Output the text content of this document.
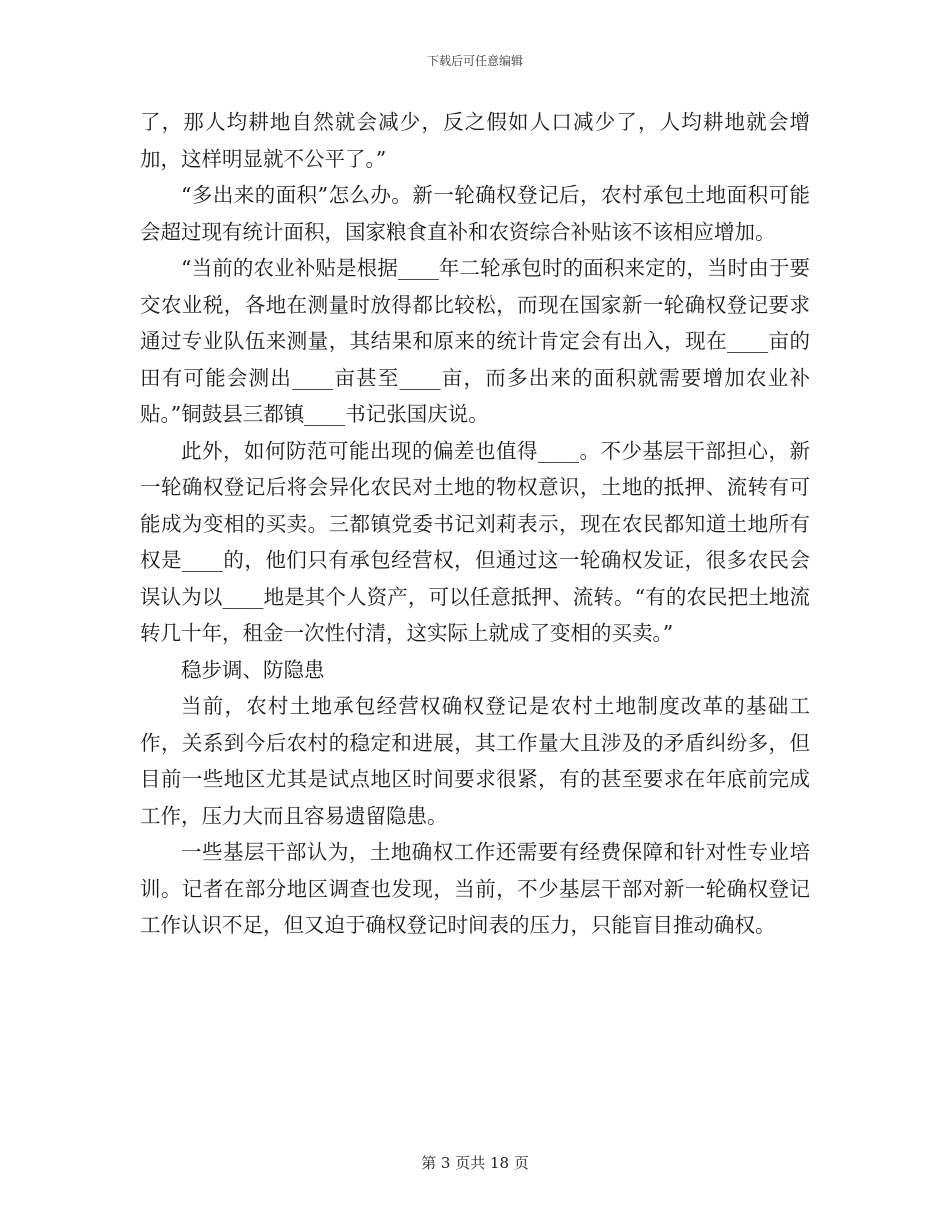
下载后可任意编辑

了，那人均耕地自然就会减少，反之假如人口减少了，人均耕地就会增加，这样明显就不公平了。”

“多出来的面积”怎么办。新一轮确权登记后，农村承包土地面积可能会超过现有统计面积，国家粮食直补和农资综合补贴该不该相应增加。

“当前的农业补贴是根据____年二轮承包时的面积来定的，当时由于要交农业税，各地在测量时放得都比较松，而现在国家新一轮确权登记要求通过专业队伍来测量，其结果和原来的统计肯定会有出入，现在____亩的田有可能会测出____亩甚至____亩，而多出来的面积就需要增加农业补贴。”铜鼓县三都镇____书记张国庆说。

此外，如何防范可能出现的偏差也值得____。不少基层干部担心，新一轮确权登记后将会异化农民对土地的物权意识，土地的抵押、流转有可能成为变相的买卖。三都镇党委书记刘莉表示，现在农民都知道土地所有权是____的，他们只有承包经营权，但通过这一轮确权发证，很多农民会误认为以____地是其个人资产，可以任意抵押、流转。“有的农民把土地流转几十年，租金一次性付清，这实际上就成了变相的买卖。”

稳步调、防隐患

当前，农村土地承包经营权确权登记是农村土地制度改革的基础工作，关系到今后农村的稳定和进展，其工作量大且涉及的矛盾纠纷多，但目前一些地区尤其是试点地区时间要求很紧，有的甚至要求在年底前完成工作，压力大而且容易遗留隐患。

一些基层干部认为，土地确权工作还需要有经费保障和针对性专业培训。记者在部分地区调查也发现，当前，不少基层干部对新一轮确权登记工作认识不足，但又迫于确权登记时间表的压力，只能盲目推动确权。

第 3 页共 18 页
